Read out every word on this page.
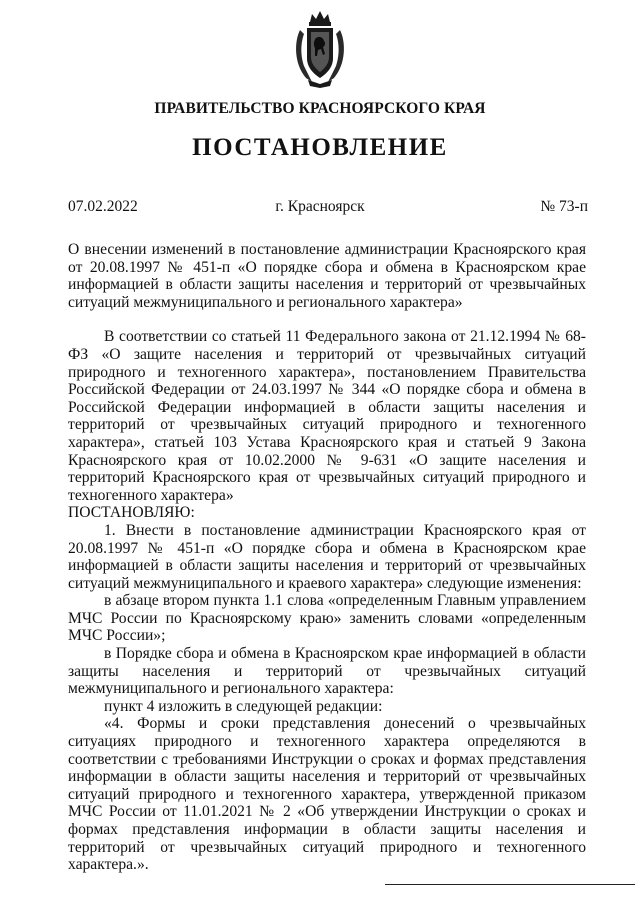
ПРАВИТЕЛЬСТВО КРАСНОЯРСКОГО КРАЯ
ПОСТАНОВЛЕНИЕ
07.02.2022	г. Красноярск	№ 73-п

О внесении изменений в постановление администрации Красноярского края от 20.08.1997 № 451-п «О порядке сбора и обмена в Красноярском крае информацией в области защиты населения и территорий от чрезвычайных ситуаций межмуниципального и регионального характера»

В соответствии со статьей 11 Федерального закона от 21.12.1994 № 68-ФЗ «О защите населения и территорий от чрезвычайных ситуаций природного и техногенного характера», постановлением Правительства Российской Федерации от 24.03.1997 № 344 «О порядке сбора и обмена в Российской Федерации информацией в области защиты населения и территорий от чрезвычайных ситуаций природного и техногенного характера», статьей 103 Устава Красноярского края и статьей 9 Закона Красноярского края от 10.02.2000 № 9-631 «О защите населения и территорий Красноярского края от чрезвычайных ситуаций природного и техногенного характера»

ПОСТАНОВЛЯЮ:

1. Внести в постановление администрации Красноярского края от 20.08.1997 № 451-п «О порядке сбора и обмена в Красноярском крае информацией в области защиты населения и территорий от чрезвычайных ситуаций межмуниципального и краевого характера» следующие изменения:

в абзаце втором пункта 1.1 слова «определенным Главным управлением МЧС России по Красноярскому краю» заменить словами «определенным МЧС России»;

в Порядке сбора и обмена в Красноярском крае информацией в области защиты населения и территорий от чрезвычайных ситуаций межмуниципального и регионального характера:

пункт 4 изложить в следующей редакции:

«4. Формы и сроки представления донесений о чрезвычайных ситуациях природного и техногенного характера определяются в соответствии с требованиями Инструкции о сроках и формах представления информации в области защиты населения и территорий от чрезвычайных ситуаций природного и техногенного характера, утвержденной приказом МЧС России от 11.01.2021 № 2 «Об утверждении Инструкции о сроках и формах представления информации в области защиты населения и территорий от чрезвычайных ситуаций природного и техногенного характера.».
